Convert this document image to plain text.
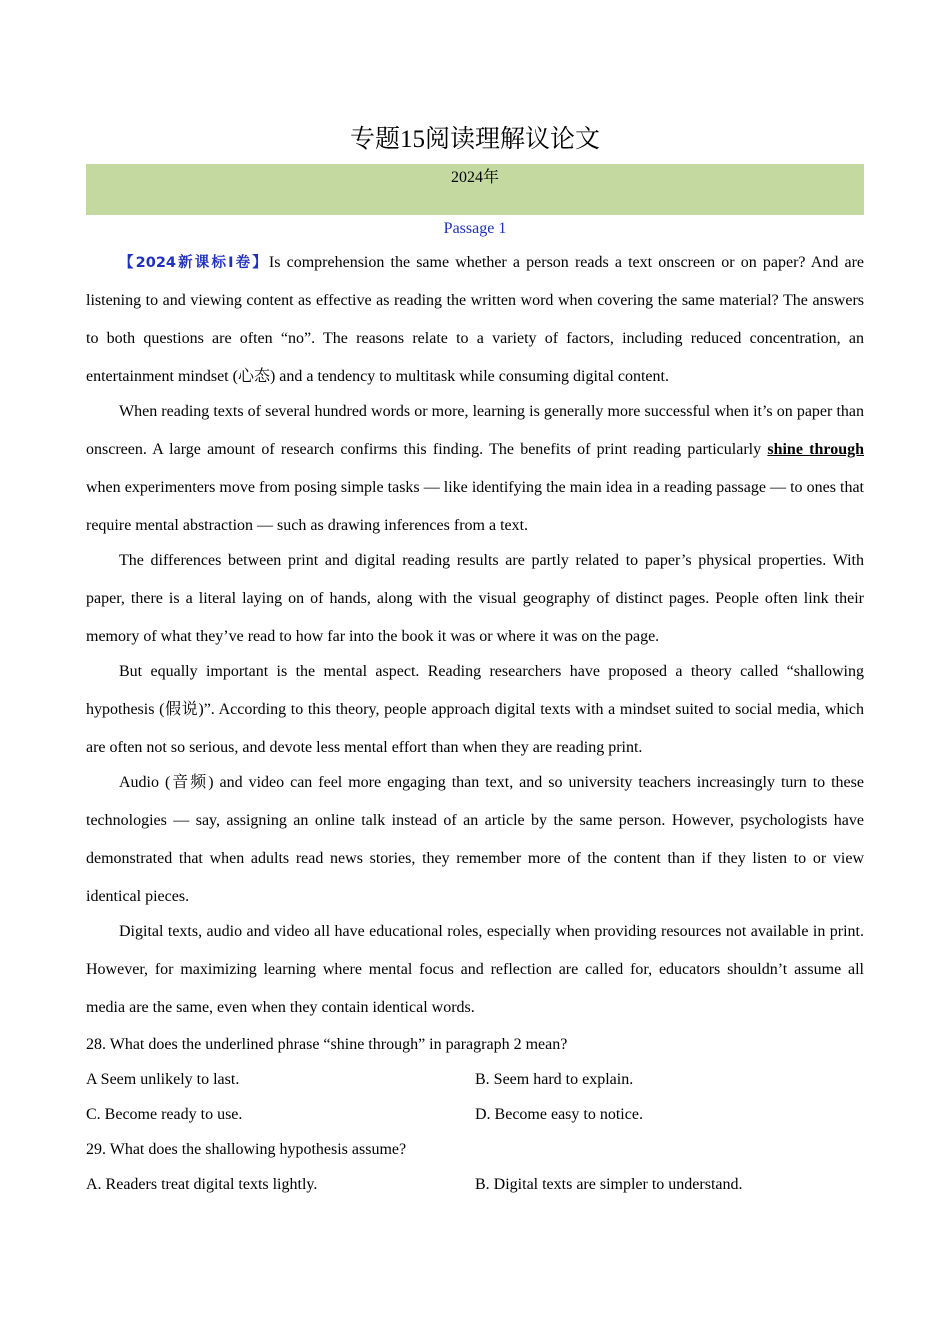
专题15阅读理解议论文
2024年
Passage 1

【2024新课标Ⅰ卷】Is comprehension the same whether a person reads a text onscreen or on paper? And are listening to and viewing content as effective as reading the written word when covering the same material? The answers to both questions are often “no”. The reasons relate to a variety of factors, including reduced concentration, an entertainment mindset (心态) and a tendency to multitask while consuming digital content.

When reading texts of several hundred words or more, learning is generally more successful when it’s on paper than onscreen. A large amount of research confirms this finding. The benefits of print reading particularly shine through when experimenters move from posing simple tasks — like identifying the main idea in a reading passage — to ones that require mental abstraction — such as drawing inferences from a text.

The differences between print and digital reading results are partly related to paper’s physical properties. With paper, there is a literal laying on of hands, along with the visual geography of distinct pages. People often link their memory of what they’ve read to how far into the book it was or where it was on the page.

But equally important is the mental aspect. Reading researchers have proposed a theory called “shallowing hypothesis (假说)”. According to this theory, people approach digital texts with a mindset suited to social media, which are often not so serious, and devote less mental effort than when they are reading print.

Audio (音频) and video can feel more engaging than text, and so university teachers increasingly turn to these technologies — say, assigning an online talk instead of an article by the same person. However, psychologists have demonstrated that when adults read news stories, they remember more of the content than if they listen to or view identical pieces.

Digital texts, audio and video all have educational roles, especially when providing resources not available in print. However, for maximizing learning where mental focus and reflection are called for, educators shouldn’t assume all media are the same, even when they contain identical words.

28. What does the underlined phrase “shine through” in paragraph 2 mean?
A Seem unlikely to last.	B. Seem hard to explain.
C. Become ready to use.	D. Become easy to notice.
29. What does the shallowing hypothesis assume?
A. Readers treat digital texts lightly.	B. Digital texts are simpler to understand.
